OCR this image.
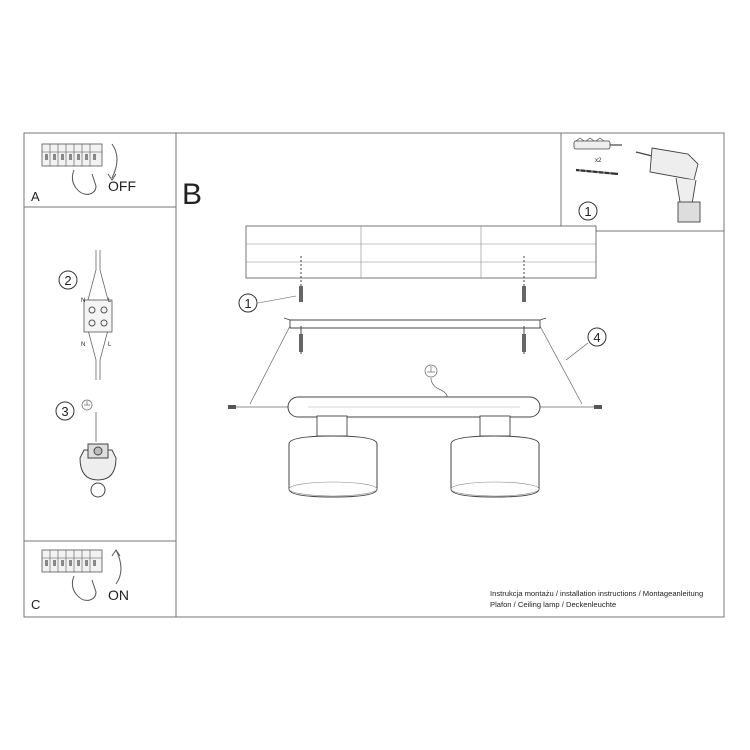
A
OFF
2
N	L
N	L
3
C
ON
B
x2
1
1
4
Instrukcja montażu / installation instructions / Montageanleitung
Plafon / Ceiling lamp / Deckenleuchte
